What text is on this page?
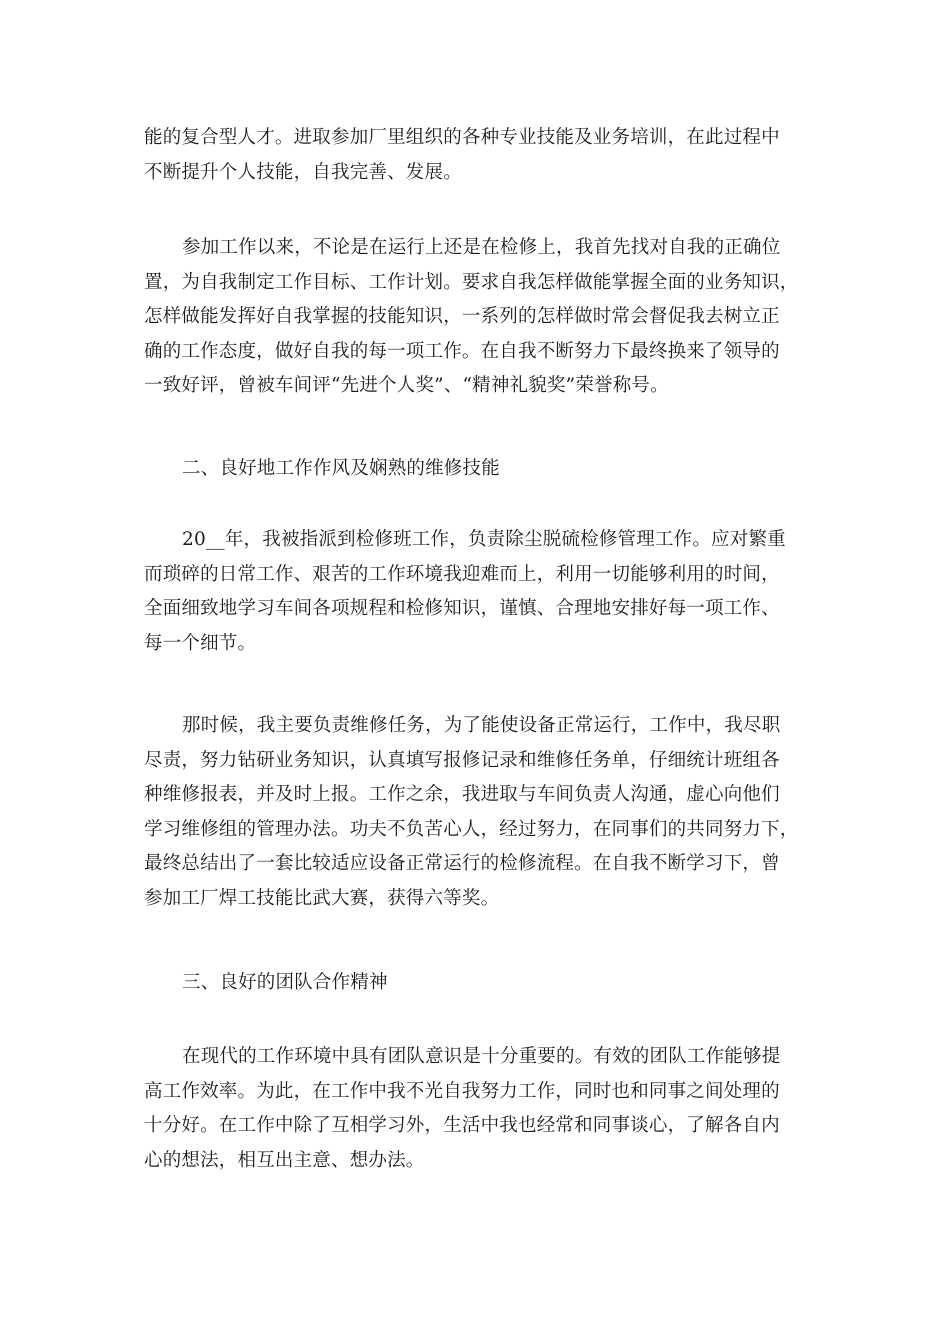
能的复合型人才。进取参加厂里组织的各种专业技能及业务培训，在此过程中
不断提升个人技能，自我完善、发展。

参加工作以来，不论是在运行上还是在检修上，我首先找对自我的正确位
置，为自我制定工作目标、工作计划。要求自我怎样做能掌握全面的业务知识，
怎样做能发挥好自我掌握的技能知识，一系列的怎样做时常会督促我去树立正
确的工作态度，做好自我的每一项工作。在自我不断努力下最终换来了领导的
一致好评，曾被车间评“先进个人奖”、“精神礼貌奖”荣誉称号。

二、良好地工作作风及娴熟的维修技能

20__年，我被指派到检修班工作，负责除尘脱硫检修管理工作。应对繁重
而琐碎的日常工作、艰苦的工作环境我迎难而上，利用一切能够利用的时间，
全面细致地学习车间各项规程和检修知识，谨慎、合理地安排好每一项工作、
每一个细节。

那时候，我主要负责维修任务，为了能使设备正常运行，工作中，我尽职
尽责，努力钻研业务知识，认真填写报修记录和维修任务单，仔细统计班组各
种维修报表，并及时上报。工作之余，我进取与车间负责人沟通，虚心向他们
学习维修组的管理办法。功夫不负苦心人，经过努力，在同事们的共同努力下，
最终总结出了一套比较适应设备正常运行的检修流程。在自我不断学习下，曾
参加工厂焊工技能比武大赛，获得六等奖。

三、良好的团队合作精神

在现代的工作环境中具有团队意识是十分重要的。有效的团队工作能够提
高工作效率。为此，在工作中我不光自我努力工作，同时也和同事之间处理的
十分好。在工作中除了互相学习外，生活中我也经常和同事谈心，了解各自内
心的想法，相互出主意、想办法。
